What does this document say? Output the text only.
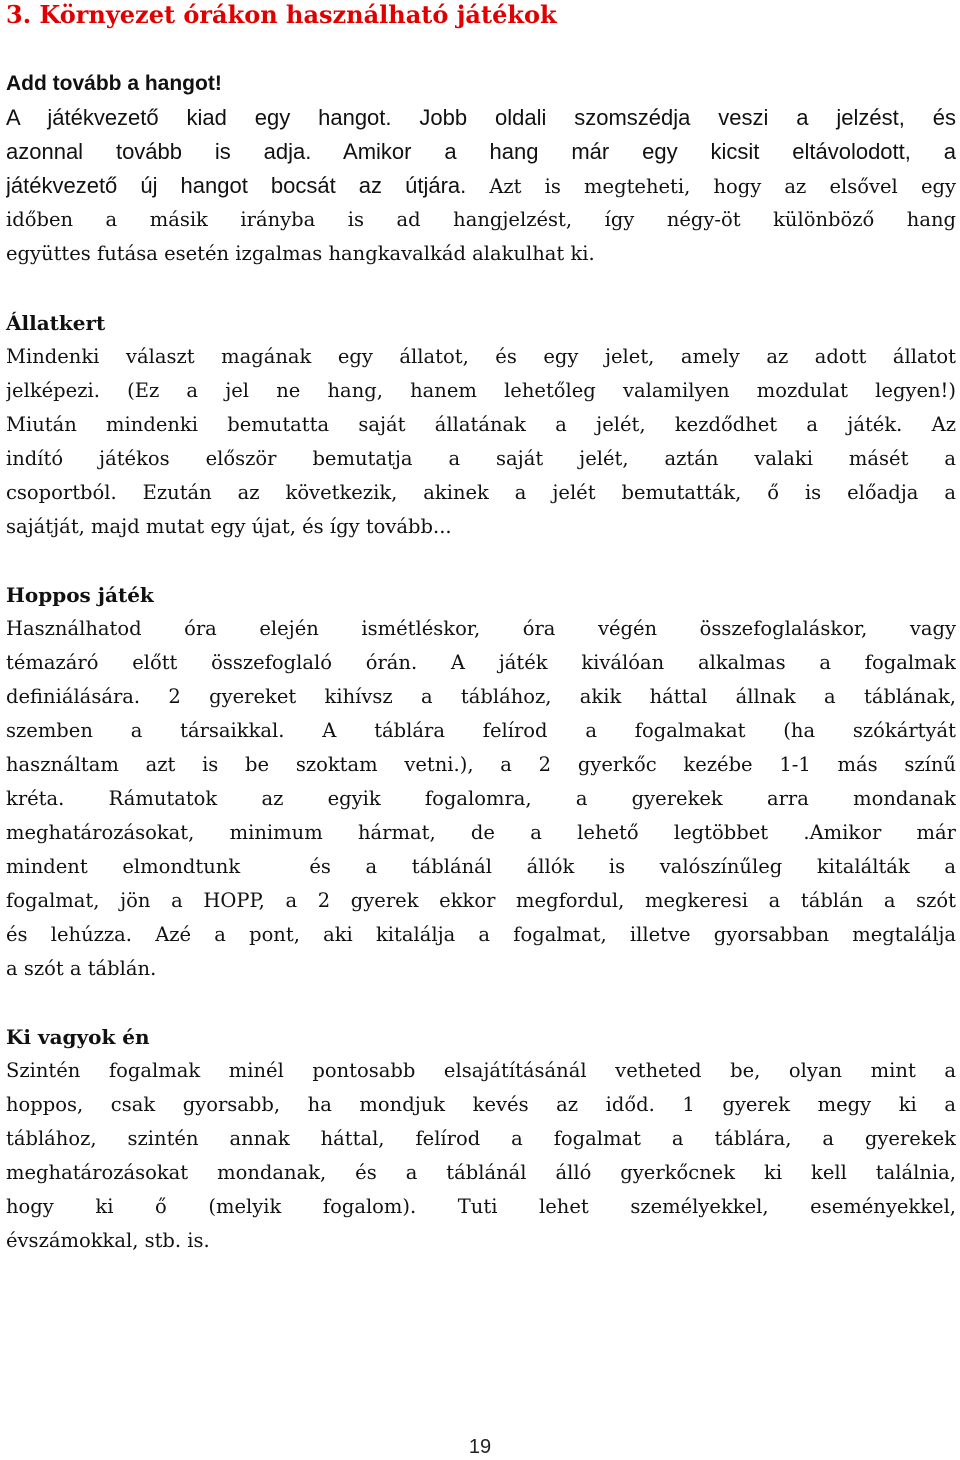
3. Környezet órákon használható játékok
Add tovább a hangot!
A játékvezető kiad egy hangot. Jobb oldali szomszédja veszi a jelzést, és
azonnal tovább is adja. Amikor a hang már egy kicsit eltávolodott, a
játékvezető új hangot bocsát az útjára. Azt is megteheti, hogy az elsővel egy
időben a másik irányba is ad hangjelzést, így négy-öt különböző hang
együttes futása esetén izgalmas hangkavalkád alakulhat ki.
Állatkert
Mindenki választ magának egy állatot, és egy jelet, amely az adott állatot
jelképezi. (Ez a jel ne hang, hanem lehetőleg valamilyen mozdulat legyen!)
Miután mindenki bemutatta saját állatának a jelét, kezdődhet a játék. Az
indító játékos először bemutatja a saját jelét, aztán valaki másét a
csoportból. Ezután az következik, akinek a jelét bemutatták, ő is előadja a
sajátját, majd mutat egy újat, és így tovább...
Hoppos játék
Használhatod óra elején ismétléskor, óra végén összefoglaláskor, vagy
témazáró előtt összefoglaló órán. A játék kiválóan alkalmas a fogalmak
definiálására. 2 gyereket kihívsz a táblához, akik háttal állnak a táblának,
szemben a társaikkal. A táblára felírod a fogalmakat (ha szókártyát
használtam azt is be szoktam vetni.), a 2 gyerkőc kezébe 1-1 más színű
kréta. Rámutatok az egyik fogalomra, a gyerekek arra mondanak
meghatározásokat, minimum hármat, de a lehető legtöbbet .Amikor már
mindent elmondtunk  és a táblánál állók is valószínűleg kitalálták a
fogalmat, jön a HOPP, a 2 gyerek ekkor megfordul, megkeresi a táblán a szót
és lehúzza. Azé a pont, aki kitalálja a fogalmat, illetve gyorsabban megtalálja
a szót a táblán.
Ki vagyok én
Szintén fogalmak minél pontosabb elsajátításánál vetheted be, olyan mint a
hoppos, csak gyorsabb, ha mondjuk kevés az időd. 1 gyerek megy ki a
táblához, szintén annak háttal, felírod a fogalmat a táblára, a gyerekek
meghatározásokat mondanak, és a táblánál álló gyerkőcnek ki kell találnia,
hogy ki ő (melyik fogalom). Tuti lehet személyekkel, eseményekkel,
évszámokkal, stb. is.
19
